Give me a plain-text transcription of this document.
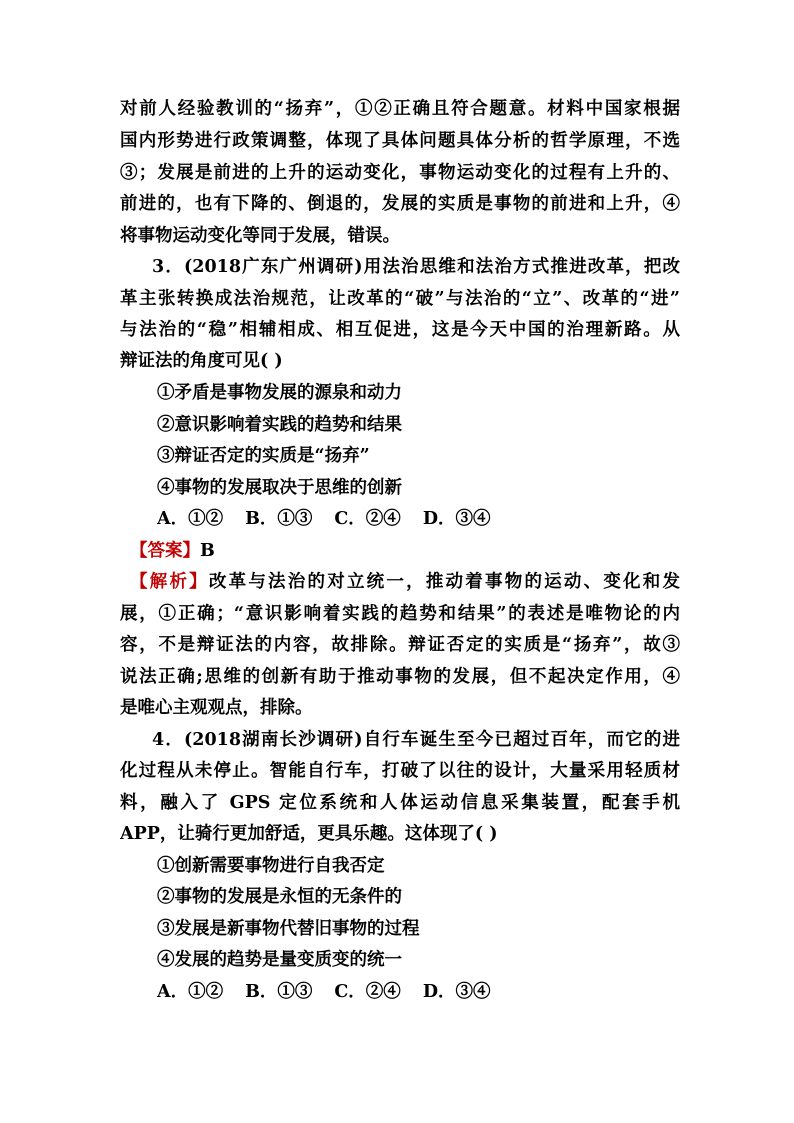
对前人经验教训的“扬弃”，①②正确且符合题意。材料中国家根据
国内形势进行政策调整，体现了具体问题具体分析的哲学原理，不选
③；发展是前进的上升的运动变化，事物运动变化的过程有上升的、
前进的，也有下降的、倒退的，发展的实质是事物的前进和上升，④
将事物运动变化等同于发展，错误。
3．(2018广东广州调研)用法治思维和法治方式推进改革，把改
革主张转换成法治规范，让改革的“破”与法治的“立”、改革的“进”
与法治的“稳”相辅相成、相互促进，这是今天中国的治理新路。从
辩证法的角度可见( )
①矛盾是事物发展的源泉和动力
②意识影响着实践的趋势和结果
③辩证否定的实质是“扬弃”
④事物的发展取决于思维的创新
A．①② B．①③ C．②④ D．③④
【答案】B
【解析】改革与法治的对立统一，推动着事物的运动、变化和发
展，①正确；“意识影响着实践的趋势和结果”的表述是唯物论的内
容，不是辩证法的内容，故排除。辩证否定的实质是“扬弃”，故③
说法正确;思维的创新有助于推动事物的发展，但不起决定作用，④
是唯心主观观点，排除。
4．(2018湖南长沙调研)自行车诞生至今已超过百年，而它的进
化过程从未停止。智能自行车，打破了以往的设计，大量采用轻质材
料，融入了 GPS 定位系统和人体运动信息采集装置，配套手机
APP，让骑行更加舒适，更具乐趣。这体现了( )
①创新需要事物进行自我否定
②事物的发展是永恒的无条件的
③发展是新事物代替旧事物的过程
④发展的趋势是量变质变的统一
A．①② B．①③ C．②④ D．③④
